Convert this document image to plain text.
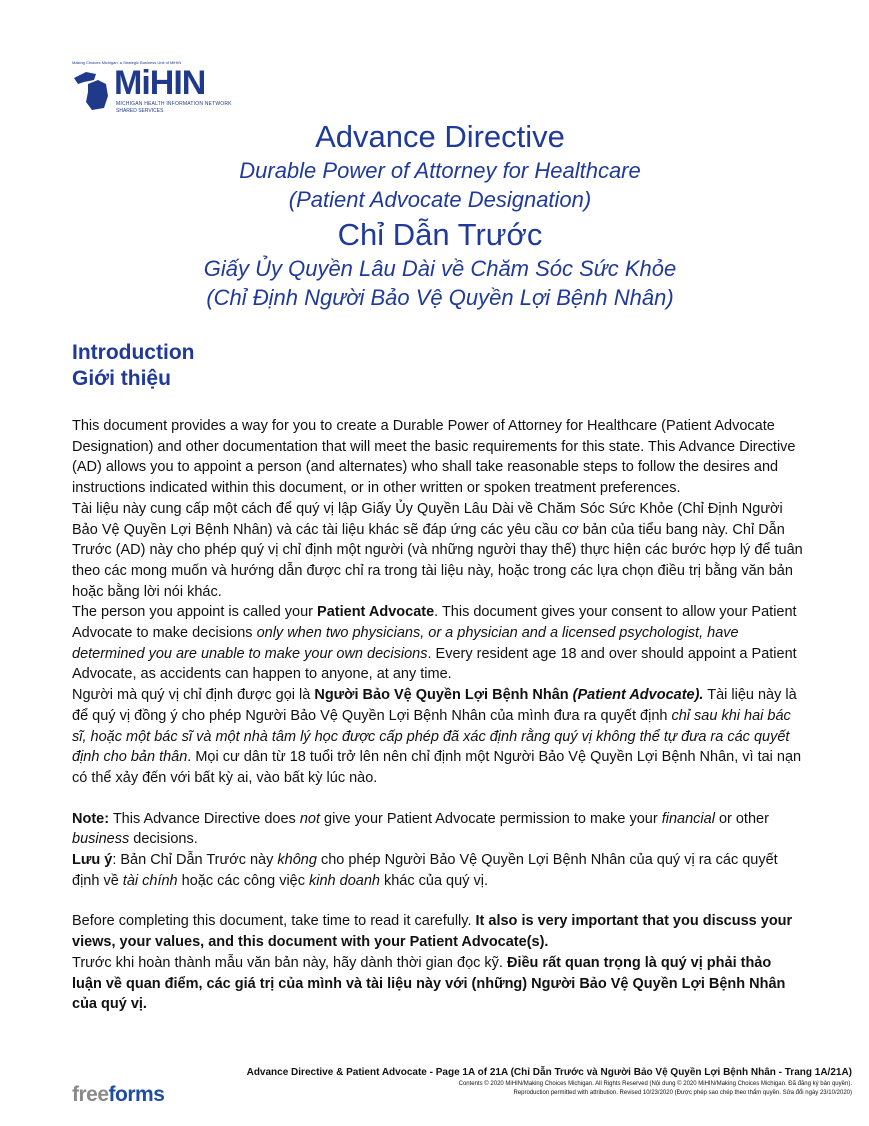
Making Choices Michigan, a Strategic Business Unit of MiHIN
MiHIN
MICHIGAN HEALTH INFORMATION NETWORK
SHARED SERVICES
Advance Directive
Durable Power of Attorney for Healthcare
(Patient Advocate Designation)
Chỉ Dẫn Trước
Giấy Ủy Quyền Lâu Dài về Chăm Sóc Sức Khỏe
(Chỉ Định Người Bảo Vệ Quyền Lợi Bệnh Nhân)
Introduction
Giới thiệu

This document provides a way for you to create a Durable Power of Attorney for Healthcare (Patient Advocate Designation) and other documentation that will meet the basic requirements for this state. This Advance Directive (AD) allows you to appoint a person (and alternates) who shall take reasonable steps to follow the desires and instructions indicated within this document, or in other written or spoken treatment preferences.

Tài liệu này cung cấp một cách để quý vị lập Giấy Ủy Quyền Lâu Dài về Chăm Sóc Sức Khỏe (Chỉ Định Người Bảo Vệ Quyền Lợi Bệnh Nhân) và các tài liệu khác sẽ đáp ứng các yêu cầu cơ bản của tiểu bang này. Chỉ Dẫn Trước (AD) này cho phép quý vị chỉ định một người (và những người thay thế) thực hiện các bước hợp lý để tuân theo các mong muốn và hướng dẫn được chỉ ra trong tài liệu này, hoặc trong các lựa chọn điều trị bằng văn bản hoặc bằng lời nói khác.

The person you appoint is called your Patient Advocate. This document gives your consent to allow your Patient Advocate to make decisions only when two physicians, or a physician and a licensed psychologist, have determined you are unable to make your own decisions. Every resident age 18 and over should appoint a Patient Advocate, as accidents can happen to anyone, at any time.

Người mà quý vị chỉ định được gọi là Người Bảo Vệ Quyền Lợi Bệnh Nhân (Patient Advocate). Tài liệu này là để quý vị đồng ý cho phép Người Bảo Vệ Quyền Lợi Bệnh Nhân của mình đưa ra quyết định chỉ sau khi hai bác sĩ, hoặc một bác sĩ và một nhà tâm lý học được cấp phép đã xác định rằng quý vị không thể tự đưa ra các quyết định cho bản thân. Mọi cư dân từ 18 tuổi trở lên nên chỉ định một Người Bảo Vệ Quyền Lợi Bệnh Nhân, vì tai nạn có thể xảy đến với bất kỳ ai, vào bất kỳ lúc nào.

Note: This Advance Directive does not give your Patient Advocate permission to make your financial or other business decisions.

Lưu ý: Bản Chỉ Dẫn Trước này không cho phép Người Bảo Vệ Quyền Lợi Bệnh Nhân của quý vị ra các quyết định về tài chính hoặc các công việc kinh doanh khác của quý vị.

Before completing this document, take time to read it carefully. It also is very important that you discuss your views, your values, and this document with your Patient Advocate(s).

Trước khi hoàn thành mẫu văn bản này, hãy dành thời gian đọc kỹ. Điều rất quan trọng là quý vị phải thảo luận về quan điểm, các giá trị của mình và tài liệu này với (những) Người Bảo Vệ Quyền Lợi Bệnh Nhân của quý vị.

freeforms
Advance Directive & Patient Advocate - Page 1A of 21A (Chỉ Dẫn Trước và Người Bảo Vệ Quyền Lợi Bệnh Nhân - Trang 1A/21A)
Contents © 2020 MiHIN/Making Choices Michigan. All Rights Reserved (Nội dung © 2020 MiHIN/Making Choices Michigan. Đã đăng ký bản quyền).
Reproduction permitted with attribution. Revised 10/23/2020 (Được phép sao chép theo thẩm quyền. Sửa đổi ngày 23/10/2020)
